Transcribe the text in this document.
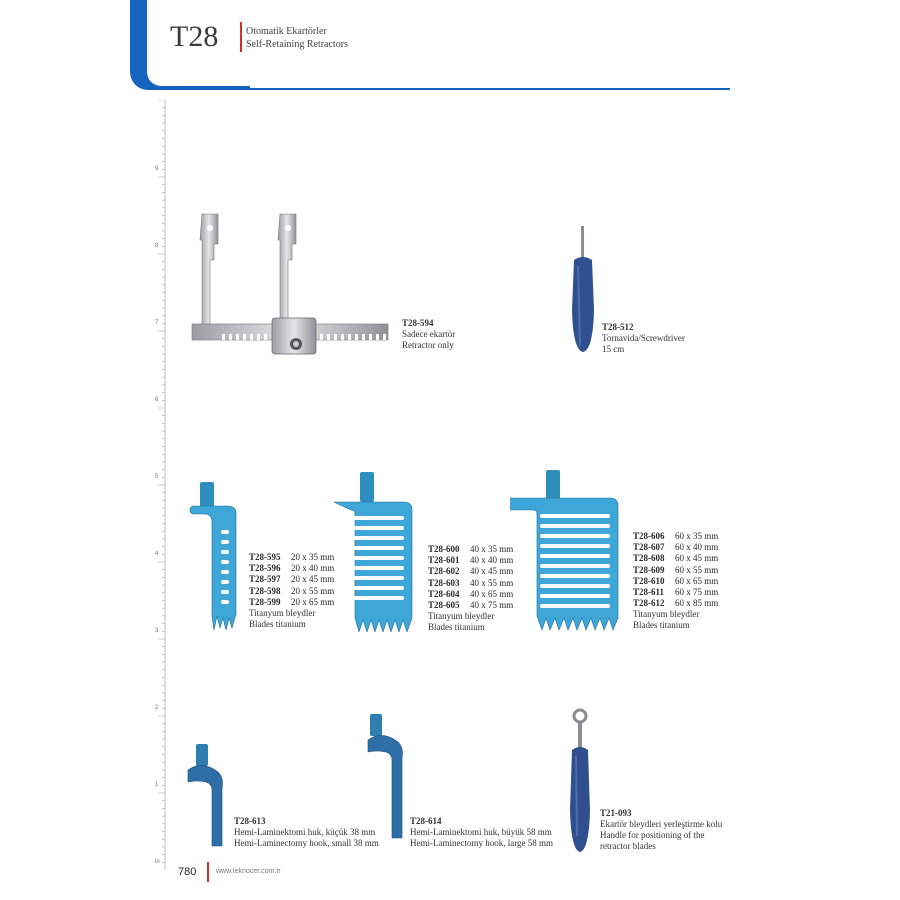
T28	Otomatik Ekartörler
Self-Retaining Retractors
9
8
7
6
5
4
3
2
1
in
T28-594
Sadece ekartör
Retractor only
T28-512
Tornavida/Screwdriver
15 cm
T28-595 20 x 35 mm
T28-596 20 x 40 mm
T28-597 20 x 45 mm
T28-598 20 x 55 mm
T28-599 20 x 65 mm
Titanyum bleydler
Blades titanium
T28-600 40 x 35 mm
T28-601 40 x 40 mm
T28-602 40 x 45 mm
T28-603 40 x 55 mm
T28-604 40 x 65 mm
T28-605 40 x 75 mm
Titanyum bleydler
Blades titanium
T28-606 60 x 35 mm
T28-607 60 x 40 mm
T28-608 60 x 45 mm
T28-609 60 x 55 mm
T28-610 60 x 65 mm
T28-611 60 x 75 mm
T28-612 60 x 85 mm
Titanyum bleydler
Blades titanium
T28-613
Hemi-Laminektomi huk, küçük 38 mm
Hemi-Laminectomy hook, small 38 mm
T28-614
Hemi-Laminektomi huk, büyük 58 mm
Hemi-Laminectomy hook, large 58 mm
T21-093
Ekartör bleydleri yerleştirme kolu
Handle for positioning of the
retractor blades
780	www.teknocer.com.tr
